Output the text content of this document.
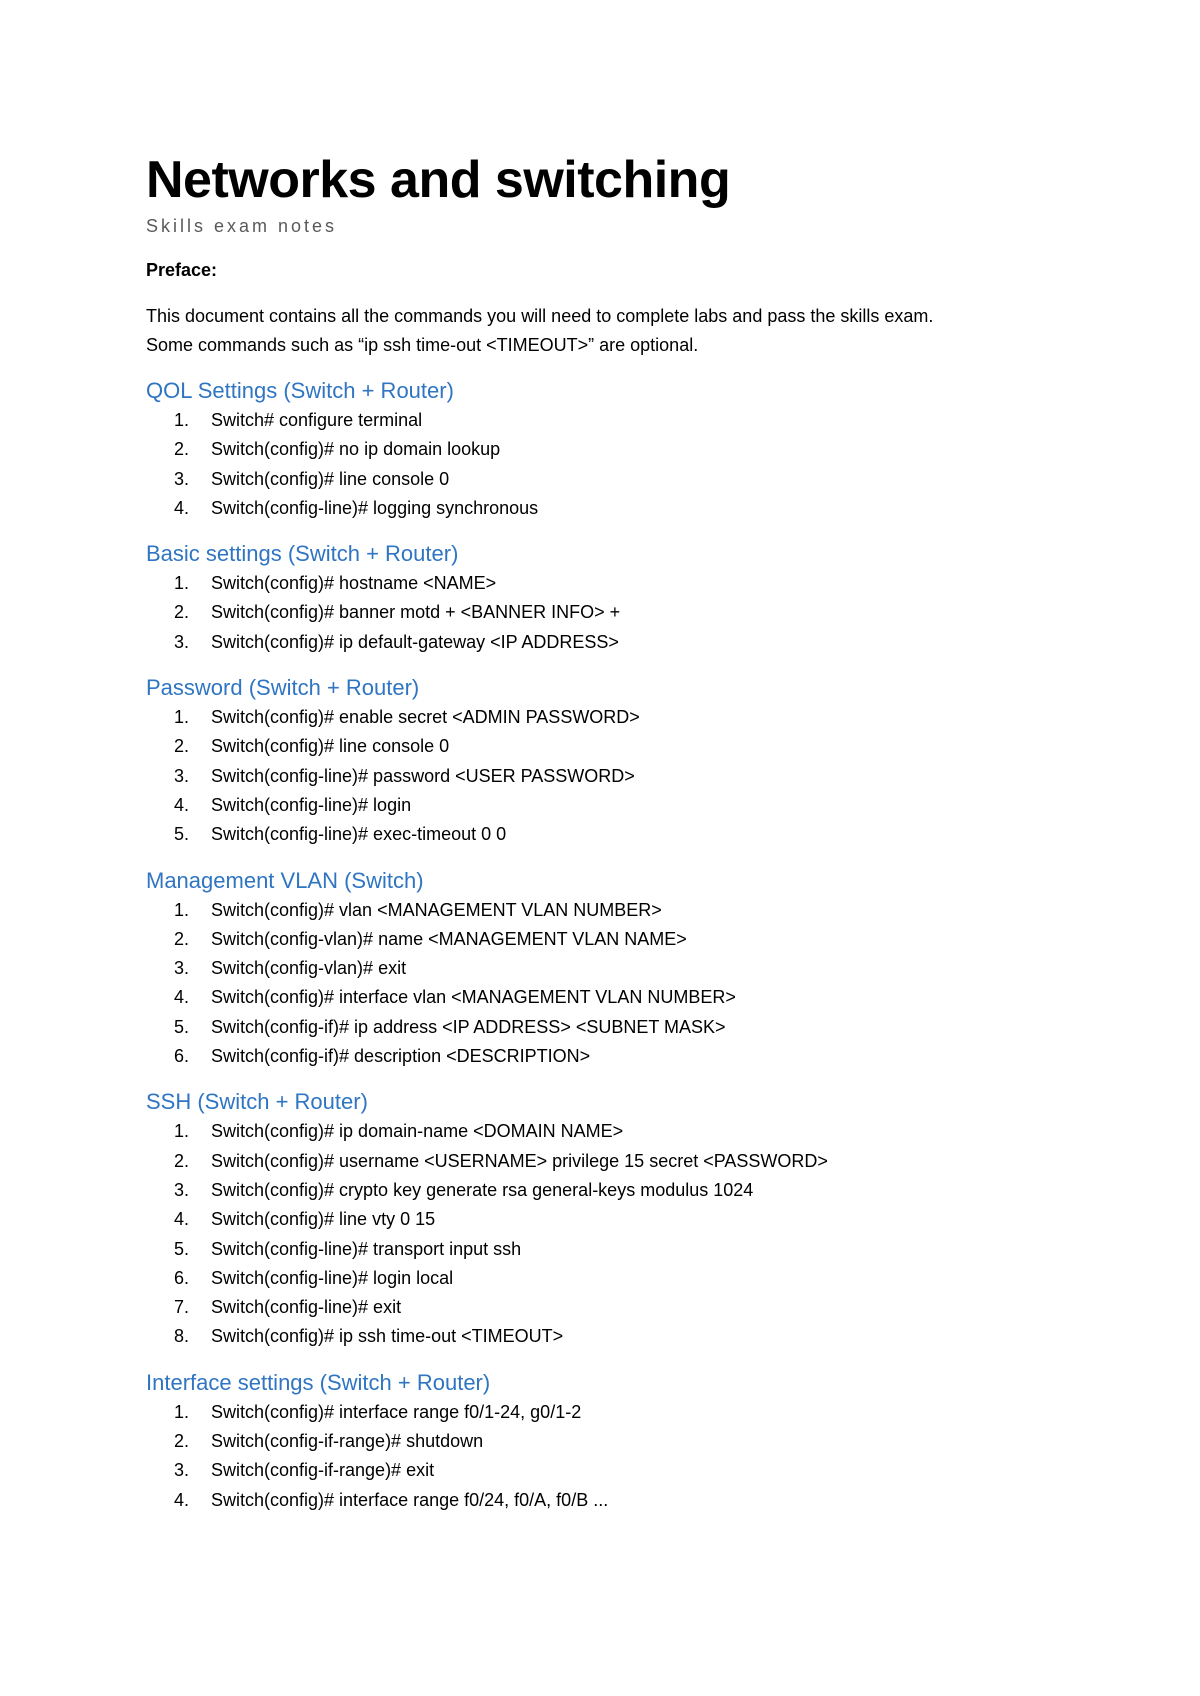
Networks and switching
Skills exam notes
Preface:
This document contains all the commands you will need to complete labs and pass the skills exam.
Some commands such as “ip ssh time-out <TIMEOUT>” are optional.
QOL Settings (Switch + Router)
1. Switch# configure terminal
2. Switch(config)# no ip domain lookup
3. Switch(config)# line console 0
4. Switch(config-line)# logging synchronous
Basic settings (Switch + Router)
1. Switch(config)# hostname <NAME>
2. Switch(config)# banner motd + <BANNER INFO> +
3. Switch(config)# ip default-gateway <IP ADDRESS>
Password (Switch + Router)
1. Switch(config)# enable secret <ADMIN PASSWORD>
2. Switch(config)# line console 0
3. Switch(config-line)# password <USER PASSWORD>
4. Switch(config-line)# login
5. Switch(config-line)# exec-timeout 0 0
Management VLAN (Switch)
1. Switch(config)# vlan <MANAGEMENT VLAN NUMBER>
2. Switch(config-vlan)# name <MANAGEMENT VLAN NAME>
3. Switch(config-vlan)# exit
4. Switch(config)# interface vlan <MANAGEMENT VLAN NUMBER>
5. Switch(config-if)# ip address <IP ADDRESS> <SUBNET MASK>
6. Switch(config-if)# description <DESCRIPTION>
SSH (Switch + Router)
1. Switch(config)# ip domain-name <DOMAIN NAME>
2. Switch(config)# username <USERNAME> privilege 15 secret <PASSWORD>
3. Switch(config)# crypto key generate rsa general-keys modulus 1024
4. Switch(config)# line vty 0 15
5. Switch(config-line)# transport input ssh
6. Switch(config-line)# login local
7. Switch(config-line)# exit
8. Switch(config)# ip ssh time-out <TIMEOUT>
Interface settings (Switch + Router)
1. Switch(config)# interface range f0/1-24, g0/1-2
2. Switch(config-if-range)# shutdown
3. Switch(config-if-range)# exit
4. Switch(config)# interface range f0/24, f0/A, f0/B ...
